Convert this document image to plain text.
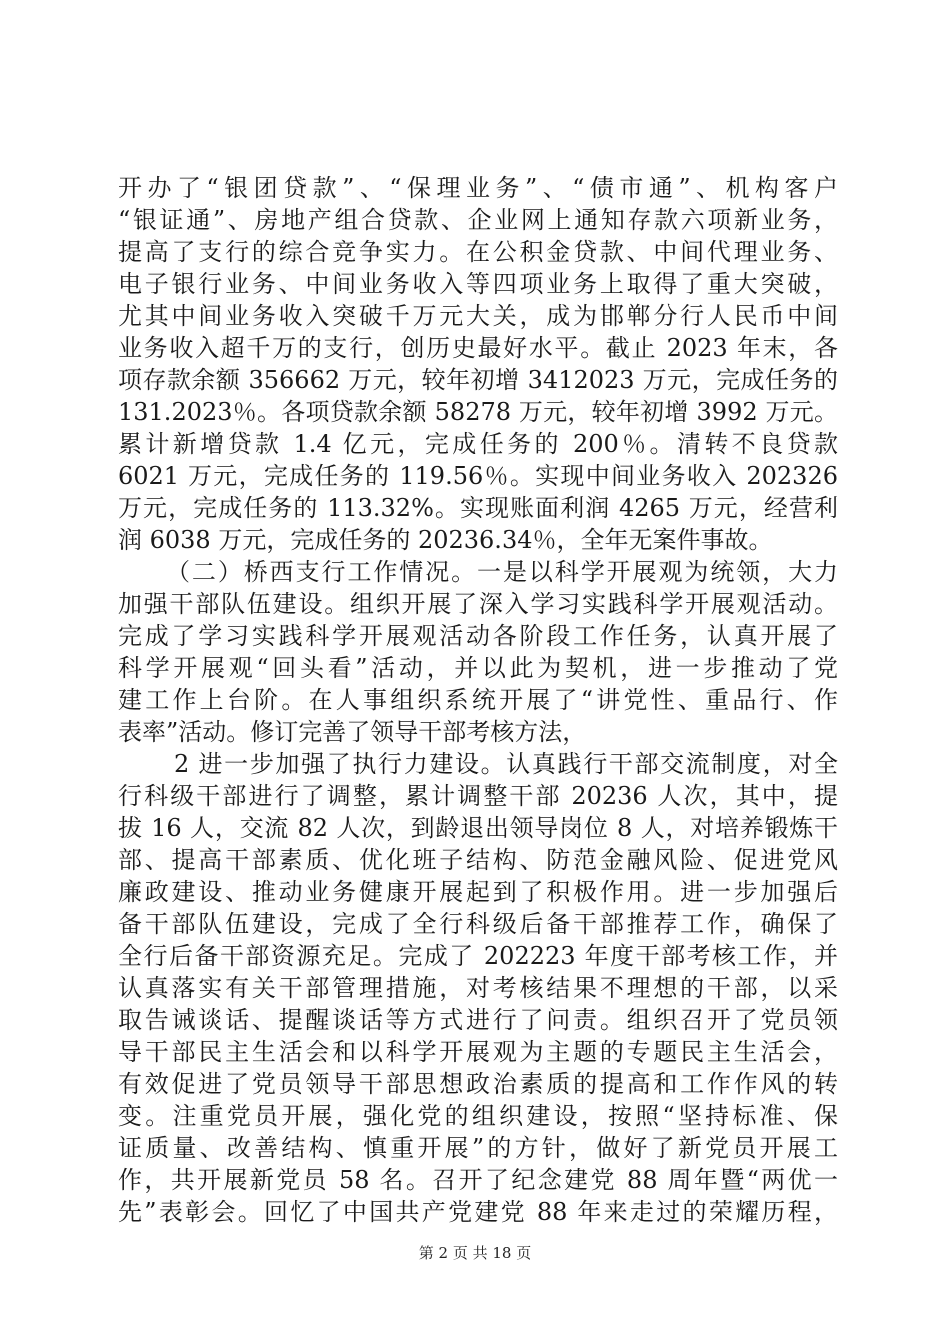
开办了“银团贷款”、“保理业务”、“债市通”、机构客户
“银证通”、房地产组合贷款、企业网上通知存款六项新业务，
提高了支行的综合竞争实力。在公积金贷款、中间代理业务、
电子银行业务、中间业务收入等四项业务上取得了重大突破，
尤其中间业务收入突破千万元大关，成为邯郸分行人民币中间
业务收入超千万的支行，创历史最好水平。截止 2023 年末，各
项存款余额 356662 万元，较年初增 3412023 万元，完成任务的
131.2023％。各项贷款余额 58278 万元，较年初增 3992 万元。
累计新增贷款 1.4 亿元，完成任务的 200％。清转不良贷款
6021 万元，完成任务的 119.56％。实现中间业务收入 202326
万元，完成任务的 113.32%。实现账面利润 4265 万元，经营利
润 6038 万元，完成任务的 20236.34％，全年无案件事故。
（二）桥西支行工作情况。一是以科学开展观为统领，大力
加强干部队伍建设。组织开展了深入学习实践科学开展观活动。
完成了学习实践科学开展观活动各阶段工作任务，认真开展了
科学开展观“回头看”活动，并以此为契机，进一步推动了党
建工作上台阶。在人事组织系统开展了“讲党性、重品行、作
表率”活动。修订完善了领导干部考核方法，
2 进一步加强了执行力建设。认真践行干部交流制度，对全
行科级干部进行了调整，累计调整干部 20236 人次，其中，提
拔 16 人，交流 82 人次，到龄退出领导岗位 8 人，对培养锻炼干
部、提高干部素质、优化班子结构、防范金融风险、促进党风
廉政建设、推动业务健康开展起到了积极作用。进一步加强后
备干部队伍建设，完成了全行科级后备干部推荐工作，确保了
全行后备干部资源充足。完成了 202223 年度干部考核工作，并
认真落实有关干部管理措施，对考核结果不理想的干部，以采
取告诫谈话、提醒谈话等方式进行了问责。组织召开了党员领
导干部民主生活会和以科学开展观为主题的专题民主生活会，
有效促进了党员领导干部思想政治素质的提高和工作作风的转
变。注重党员开展，强化党的组织建设，按照“坚持标准、保
证质量、改善结构、慎重开展”的方针，做好了新党员开展工
作，共开展新党员 58 名。召开了纪念建党 88 周年暨“两优一
先”表彰会。回忆了中国共产党建党 88 年来走过的荣耀历程，
第 2 页 共 18 页
